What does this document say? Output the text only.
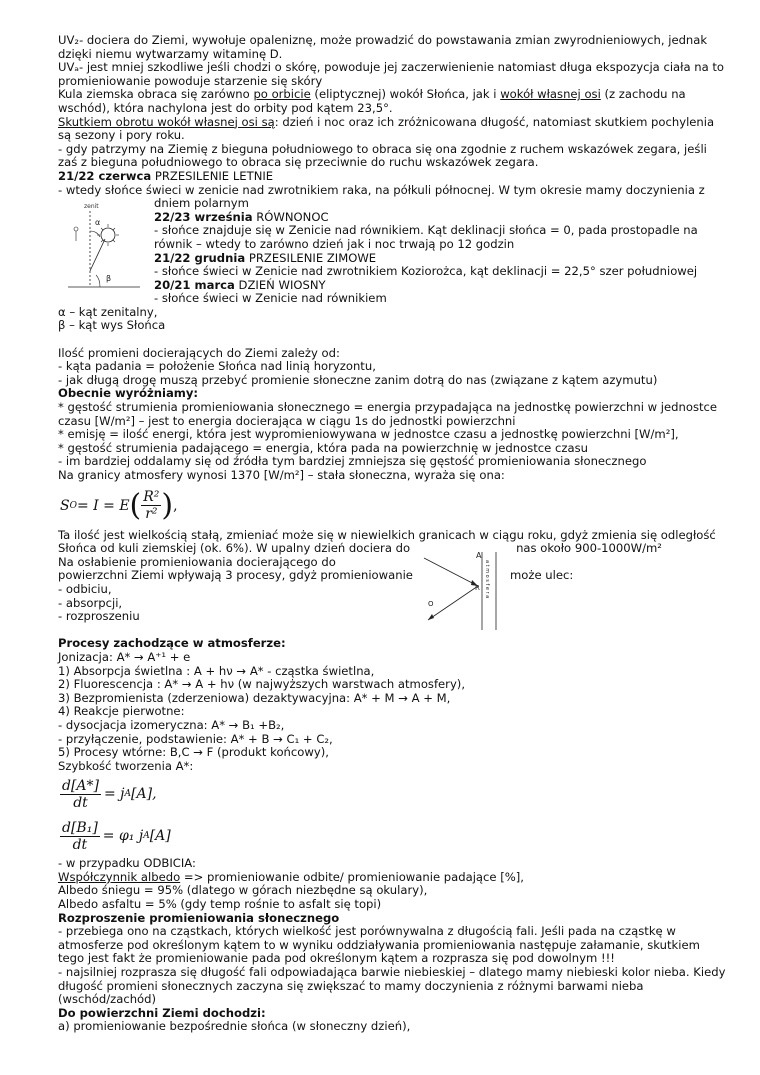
UV₂- dociera do Ziemi, wywołuje opaleniznę, może prowadzić do powstawania zmian zwyrodnieniowych, jednak dzięki niemu wytwarzamy witaminę D.

UVₐ- jest mniej szkodliwe jeśli chodzi o skórę, powoduje jej zaczerwienienie natomiast długa ekspozycja ciała na to promieniowanie powoduje starzenie się skóry

Kula ziemska obraca się zarówno po orbicie (eliptycznej) wokół Słońca, jak i wokół własnej osi (z zachodu na wschód), która nachylona jest do orbity pod kątem 23,5°.

Skutkiem obrotu wokół własnej osi są: dzień i noc oraz ich zróżnicowana długość, natomiast skutkiem pochylenia są sezony i pory roku.

- gdy patrzymy na Ziemię z bieguna południowego to obraca się ona zgodnie z ruchem wskazówek zegara, jeśli zaś z bieguna południowego to obraca się przeciwnie do ruchu wskazówek zegara.

21/22 czerwca PRZESILENIE LETNIE

- wtedy słońce świeci w zenicie nad zwrotnikiem raka, na półkuli północnej. W tym okresie mamy doczynienia z

zenit
α
β

dniem polarnym

22/23 września RÓWNONOC

- słońce znajduje się w Zenicie nad równikiem. Kąt deklinacji słońca = 0, pada prostopadle na równik – wtedy to zarówno dzień jak i noc trwają po 12 godzin

21/22 grudnia PRZESILENIE ZIMOWE

- słońce świeci w Zenicie nad zwrotnikiem Koziorożca, kąt deklinacji = 22,5° szer południowej

20/21 marca DZIEŃ WIOSNY

- słońce świeci w Zenicie nad równikiem

α – kąt zenitalny,

β – kąt wys Słońca

Ilość promieni docierających do Ziemi zależy od:

- kąta padania = położenie Słońca nad linią horyzontu,

- jak długą drogę muszą przebyć promienie słoneczne zanim dotrą do nas (związane z kątem azymutu)

Obecnie wyróżniamy:

* gęstość strumienia promieniowania słonecznego = energia przypadająca na jednostkę powierzchni w jednostce czasu [W/m²] – jest to energia docierająca w ciągu 1s do jednostki powierzchni

* emisję = ilość energi, która jest wypromieniowywana w jednostce czasu a jednostkę powierzchni [W/m²],

* gęstość strumienia padającego = energia, która pada na powierzchnię w jednostce czasu

- im bardziej oddalamy się od źródła tym bardziej zmniejsza się gęstość promieniowania słonecznego

Na granicy atmosfery wynosi 1370 [W/m²] – stała słoneczna, wyraża się ona:

S O = I = E ( $\frac{\text{R²}}{\text{r²}}$ ) ,

Ta ilość jest wielkością stałą, zmieniać może się w niewielkich granicach w ciągu roku, gdyż zmienia się odległość Słońca od kuli ziemskiej (ok. 6%). W upalny dzień dociera do	nas około 900-1000W/m²

Na osłabienie promieniowania docierającego do

powierzchni Ziemi wpływają 3 procesy, gdyż promieniowanie

- odbiciu,

- absorpcji,

- rozproszeniu

A
R
O
a t m o s f e r a może ulec:

Procesy zachodzące w atmosferze:

Jonizacja: A* → A⁺¹ + e

1) Absorpcja świetlna : A + hν → A* - cząstka świetlna,

2) Fluorescencja : A* → A + hν (w najwyższych warstwach atmosfery),

3) Bezpromienista (zderzeniowa) dezaktywacyjna: A* + M → A + M,

4) Reakcje pierwotne:

- dysocjacja izomeryczna: A* → B₁ +B₂,

- przyłączenie, podstawienie: A* + B → C₁ + C₂,

5) Procesy wtórne: B,C → F (produkt końcowy),

Szybkość tworzenia A*:

$\frac{d[A*]}{dt} = j$ A [A],
$\frac{\text{d[B₁]}}{dt} = \varphi_1$ j A [A]

- w przypadku ODBICIA:

Współczynnik albedo => promieniowanie odbite/ promieniowanie padające [%],

Albedo śniegu = 95% (dlatego w górach niezbędne są okulary),

Albedo asfaltu = 5% (gdy temp rośnie to asfalt się topi)

Rozproszenie promieniowania słonecznego

- przebiega ono na cząstkach, których wielkość jest porównywalna z długością fali. Jeśli pada na cząstkę w atmosferze pod określonym kątem to w wyniku oddziaływania promieniowania następuje załamanie, skutkiem tego jest fakt że promieniowanie pada pod określonym kątem a rozprasza się pod dowolnym !!!

- najsilniej rozprasza się długość fali odpowiadająca barwie niebieskiej – dlatego mamy niebieski kolor nieba. Kiedy długość promieni słonecznych zaczyna się zwiększać to mamy doczynienia z różnymi barwami nieba (wschód/zachód)

Do powierzchni Ziemi dochodzi:

a) promieniowanie bezpośrednie słońca (w słoneczny dzień),
